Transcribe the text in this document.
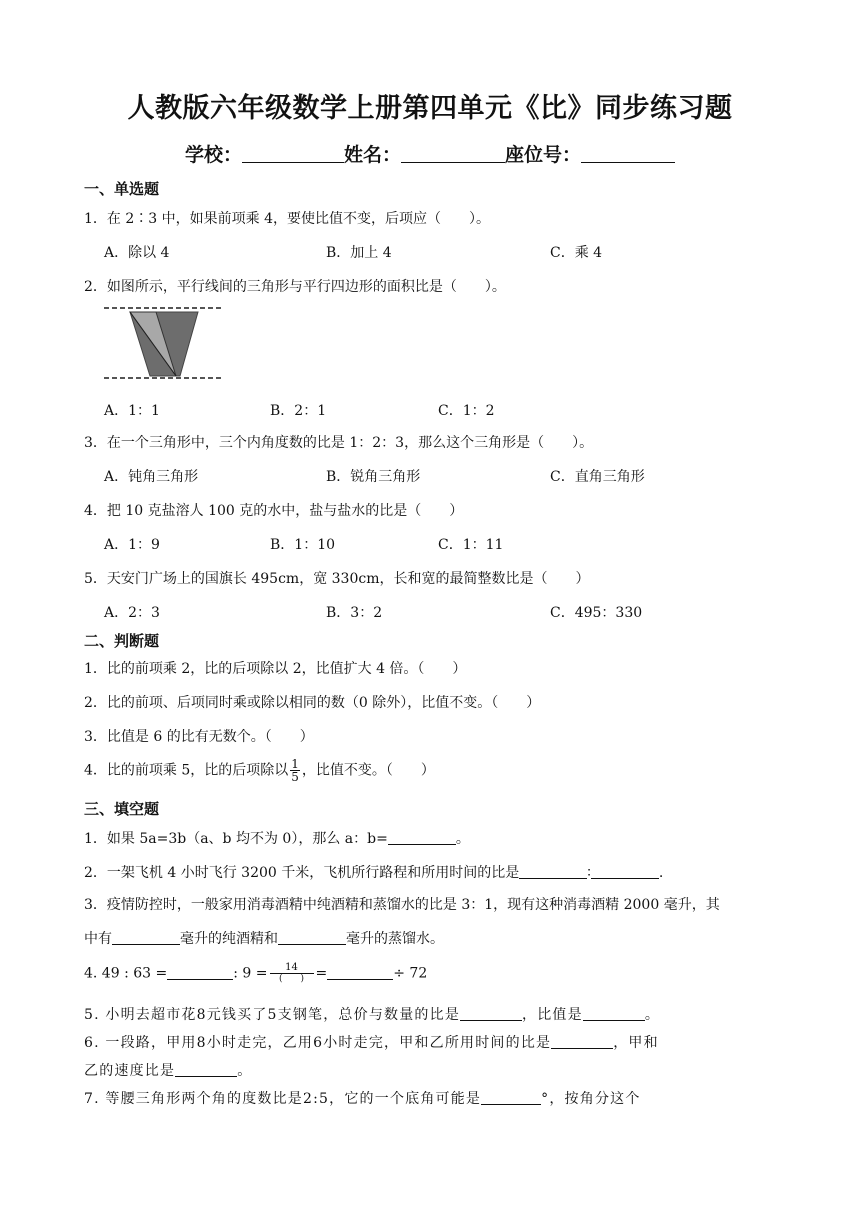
人教版六年级数学上册第四单元《比》同步练习题
学校：	姓名：	座位号：
一、单选题
1．在 2∶3 中，如果前项乘 4，要使比值不变，后项应（　　）。
A．除以 4	B．加上 4	C．乘 4
2．如图所示，平行线间的三角形与平行四边形的面积比是（　　）。
A．1：1	B．2：1	C．1：2
3．在一个三角形中，三个内角度数的比是 1：2：3，那么这个三角形是（　　）。
A．钝角三角形	B．锐角三角形	C．直角三角形
4．把 10 克盐溶人 100 克的水中，盐与盐水的比是（　　）
A．1：9	B．1：10	C．1：11
5．天安门广场上的国旗长 495cm，宽 330cm，长和宽的最简整数比是（　　）
A．2：3	B．3：2	C．495：330
二、判断题
1．比的前项乘 2，比的后项除以 2，比值扩大 4 倍。（　　）
2．比的前项、后项同时乘或除以相同的数（0 除外），比值不变。（　　）
3．比值是 6 的比有无数个。（　　）
4．比的前项乘 5，比的后项除以 $\frac{1}{5}$ ，比值不变。（　　）
三、填空题
1．如果 5a=3b（a、b 均不为 0），那么 a：b=	。
2．一架飞机 4 小时飞行 3200 千米，飞机所行路程和所用时间的比是	∶	.
3．疫情防控时，一般家用消毒酒精中纯酒精和蒸馏水的比是 3：1，现有这种消毒酒精 2000 毫升，其
中有	毫升的纯酒精和	毫升的蒸馏水。
4. 49 : 63 =	: $9 = \frac{14}{( )}$ =	÷ 72
5. 小明去超市花8元钱买了5支钢笔，总价与数量的比是	，比值是	。
6. 一段路，甲用8小时走完，乙用6小时走完，甲和乙所用时间的比是	，甲和
乙的速度比是	。
7. 等腰三角形两个角的度数比是2:5，它的一个底角可能是	°，按角分这个
